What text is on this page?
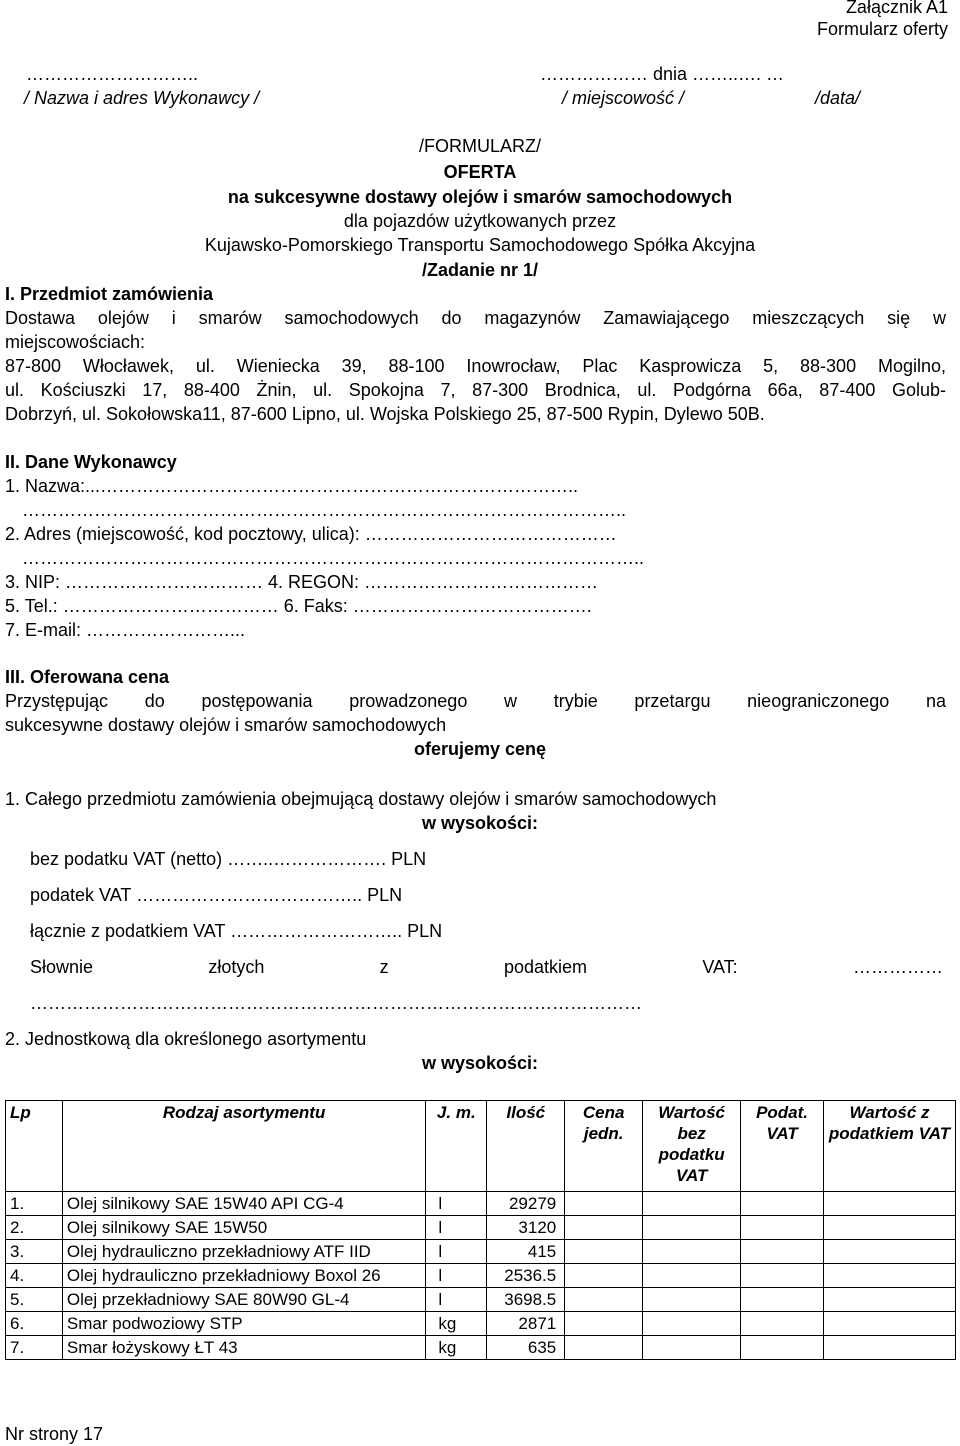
Załącznik A1
Formularz oferty
………………………..	……………… dnia ……..…. …
/ Nazwa i adres Wykonawcy /	/ miejscowość /	/data/
/FORMULARZ/
OFERTA
na sukcesywne dostawy olejów i smarów samochodowych
dla pojazdów użytkowanych przez
Kujawsko-Pomorskiego Transportu Samochodowego Spółka Akcyjna
/Zadanie nr 1/
I. Przedmiot zamówienia
Dostawa olejów i smarów samochodowych do magazynów Zamawiającego mieszczących się w
miejscowościach:
87-800 Włocławek, ul. Wieniecka 39, 88-100 Inowrocław, Plac Kasprowicza 5, 88-300 Mogilno,
ul. Kościuszki 17, 88-400 Żnin, ul. Spokojna 7, 87-300 Brodnica, ul. Podgórna 66a, 87-400 Golub-
Dobrzyń, ul. Sokołowska11, 87-600 Lipno, ul. Wojska Polskiego 25, 87-500 Rypin, Dylewo 50B.
II. Dane Wykonawcy
1. Nazwa:...……………………………………………………………………..
………………………………………………………………………………………..
2. Adres (miejscowość, kod pocztowy, ulica): ……………………………………
…………………………………………………………………………………………..
3. NIP: …………………………… 4. REGON: …………………………………
5. Tel.: ……………………………… 6. Faks: ………………………………….
7. E-mail: ……………………...
III. Oferowana cena
Przystępując do postępowania prowadzonego w trybie przetargu nieograniczonego na
sukcesywne dostawy olejów i smarów samochodowych
oferujemy cenę
1. Całego przedmiotu zamówienia obejmującą dostawy olejów i smarów samochodowych
w wysokości:
bez podatku VAT (netto) ……..………………. PLN
podatek VAT ……………………………….. PLN
łącznie z podatkiem VAT ……………………….. PLN
Słownie złotych z podatkiem VAT: ……………
…………………………………………………………………………………………
2. Jednostkową dla określonego asortymentu
w wysokości:
Lp	Rodzaj asortymentu	J. m.	Ilość	Cena jedn.	Wartość bez podatku VAT	Podat. VAT	Wartość z podatkiem VAT
1.	Olej silnikowy SAE 15W40 API CG-4	l	29279				
2.	Olej silnikowy SAE 15W50	l	3120				
3.	Olej hydrauliczno przekładniowy ATF IID	l	415				
4.	Olej hydrauliczno przekładniowy Boxol 26	l	2536.5				
5.	Olej przekładniowy SAE 80W90 GL-4	l	3698.5				
6.	Smar podwoziowy STP	kg	2871				
7.	Smar łożyskowy ŁT 43	kg	635				
Nr strony 17
